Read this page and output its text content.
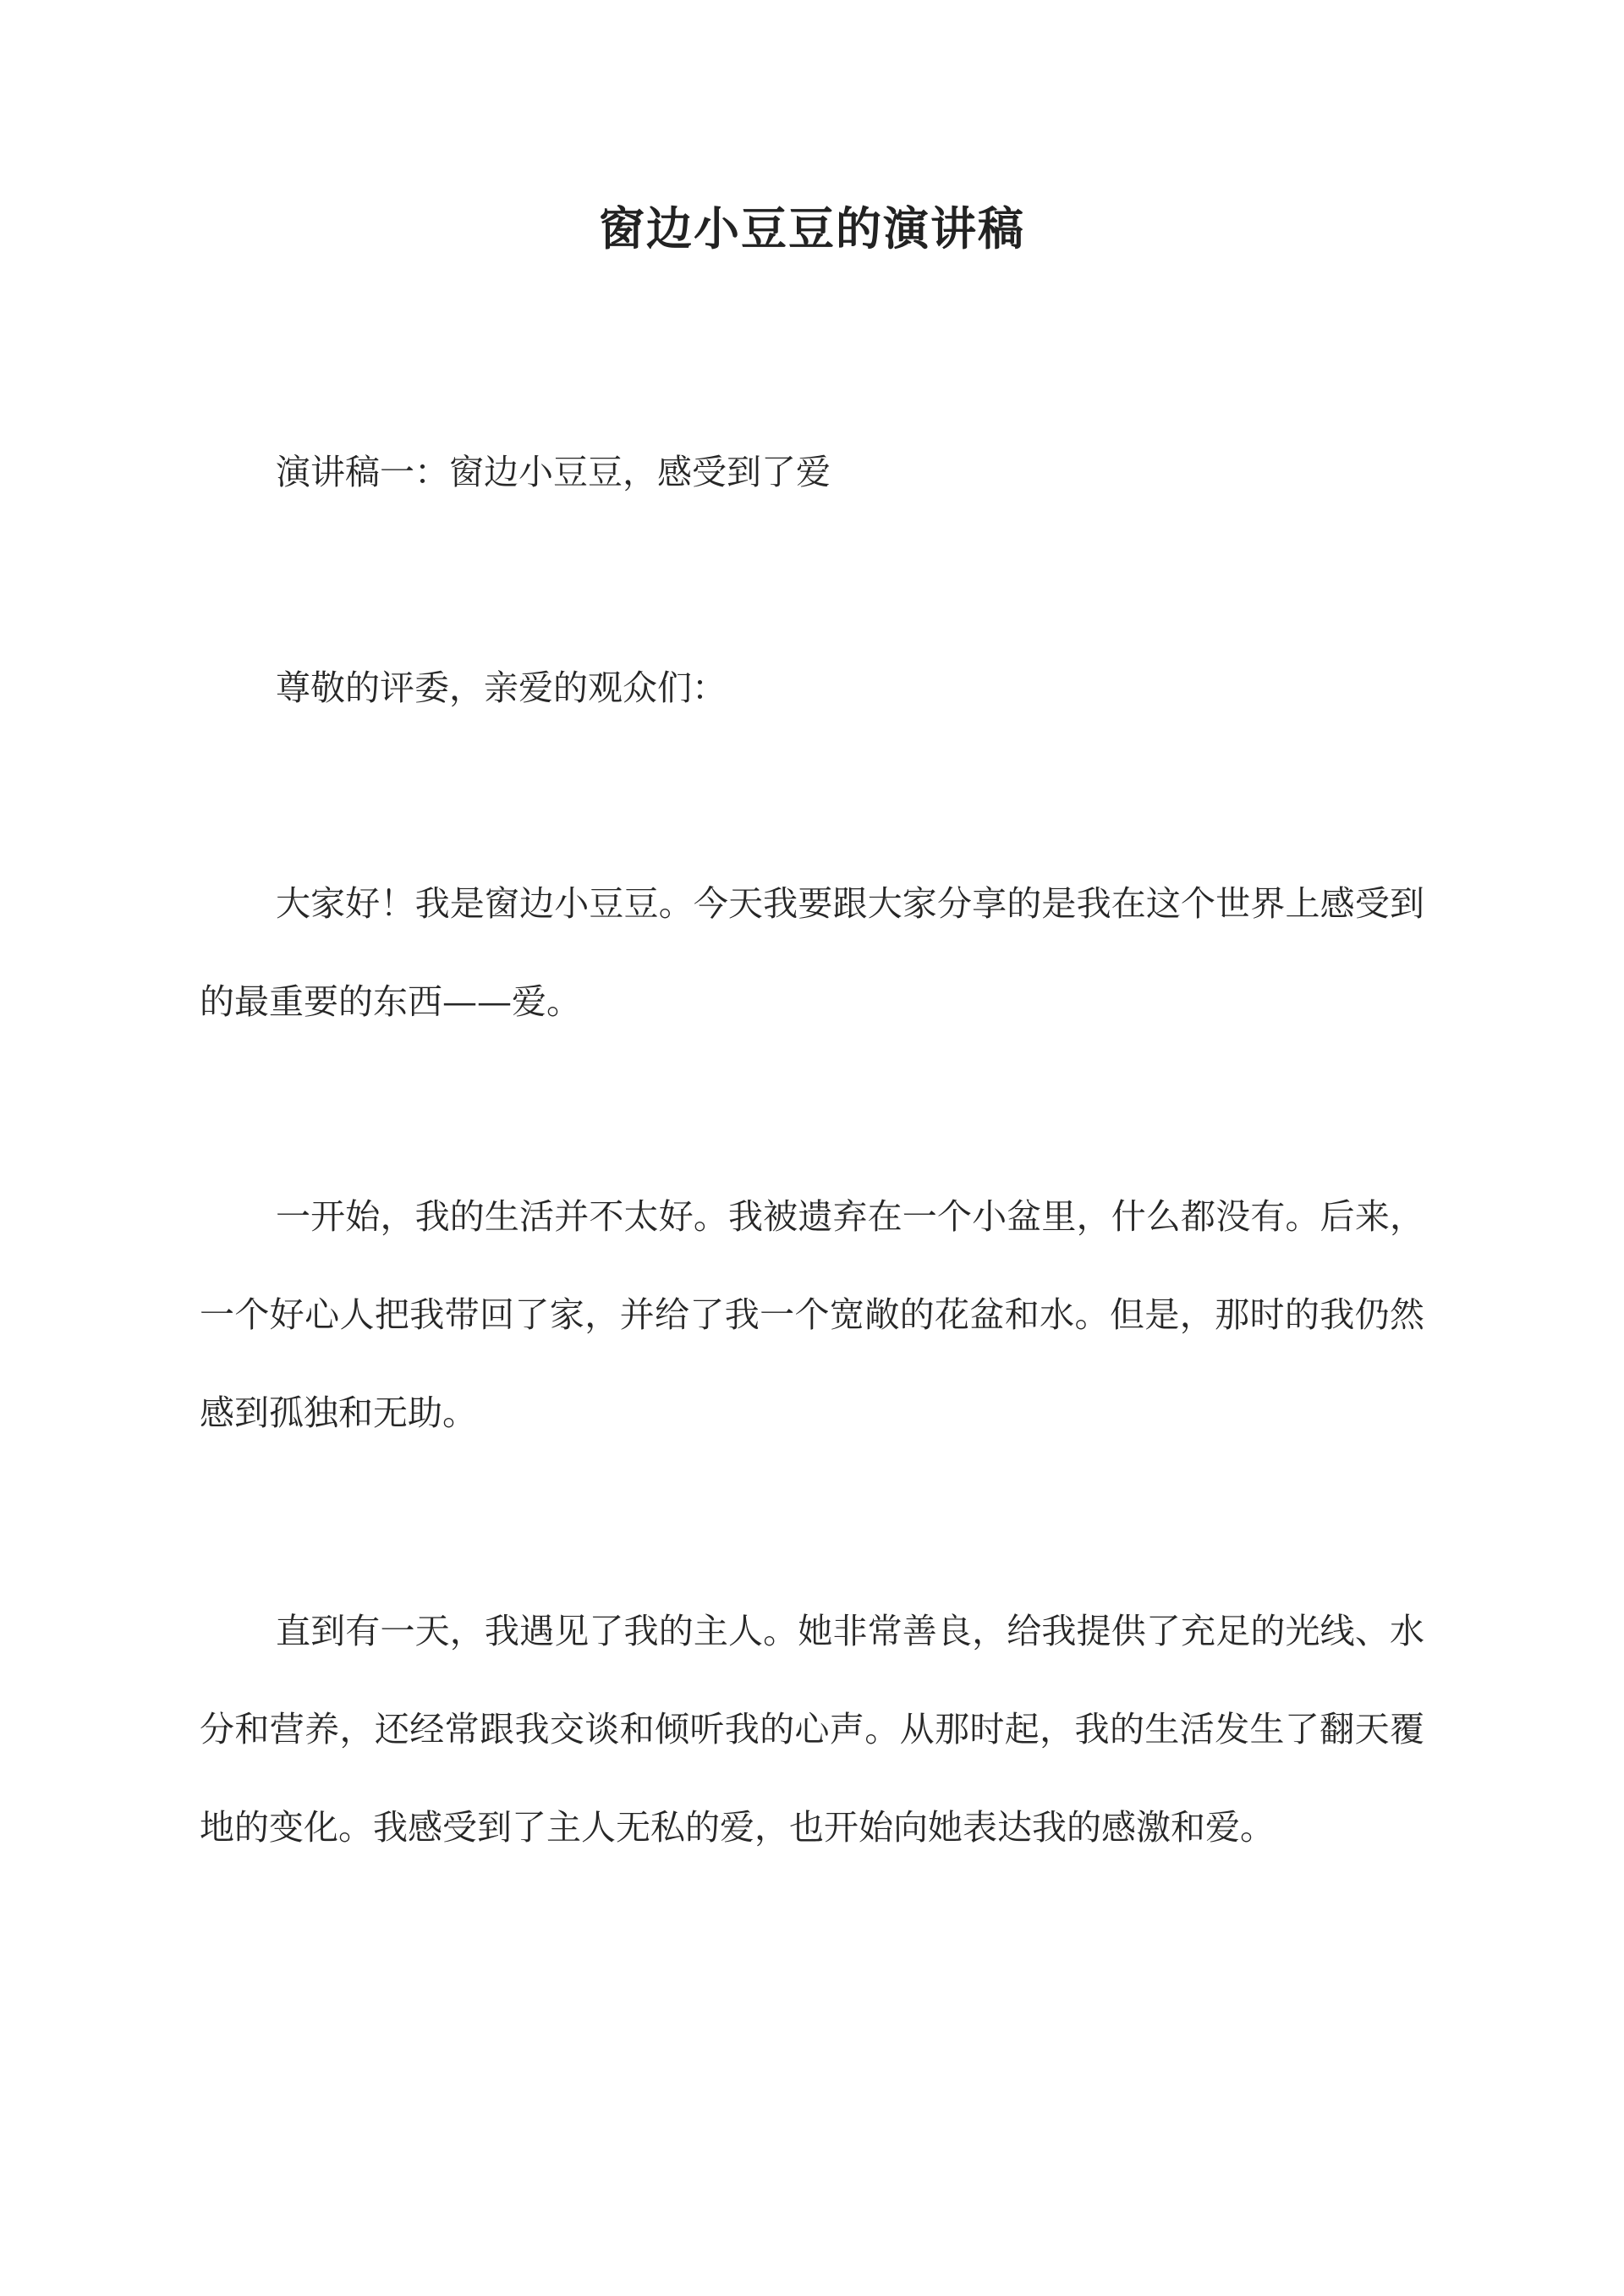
窗边小豆豆的演讲稿

演讲稿一：窗边小豆豆，感受到了爱

尊敬的评委，亲爱的观众们：

大家好！我是窗边小豆豆。今天我要跟大家分享的是我在这个世界上感受到的最重要的东西——爱。

一开始，我的生活并不太好。我被遗弃在一个小盆里，什么都没有。后来，一个好心人把我带回了家，并给了我一个宽敞的花盆和水。但是，那时的我仍然感到孤独和无助。

直到有一天，我遇见了我的主人。她非常善良，给我提供了充足的光线、水分和营养，还经常跟我交谈和倾听我的心声。从那时起，我的生活发生了翻天覆地的变化。我感受到了主人无私的爱，也开始向她表达我的感激和爱。
